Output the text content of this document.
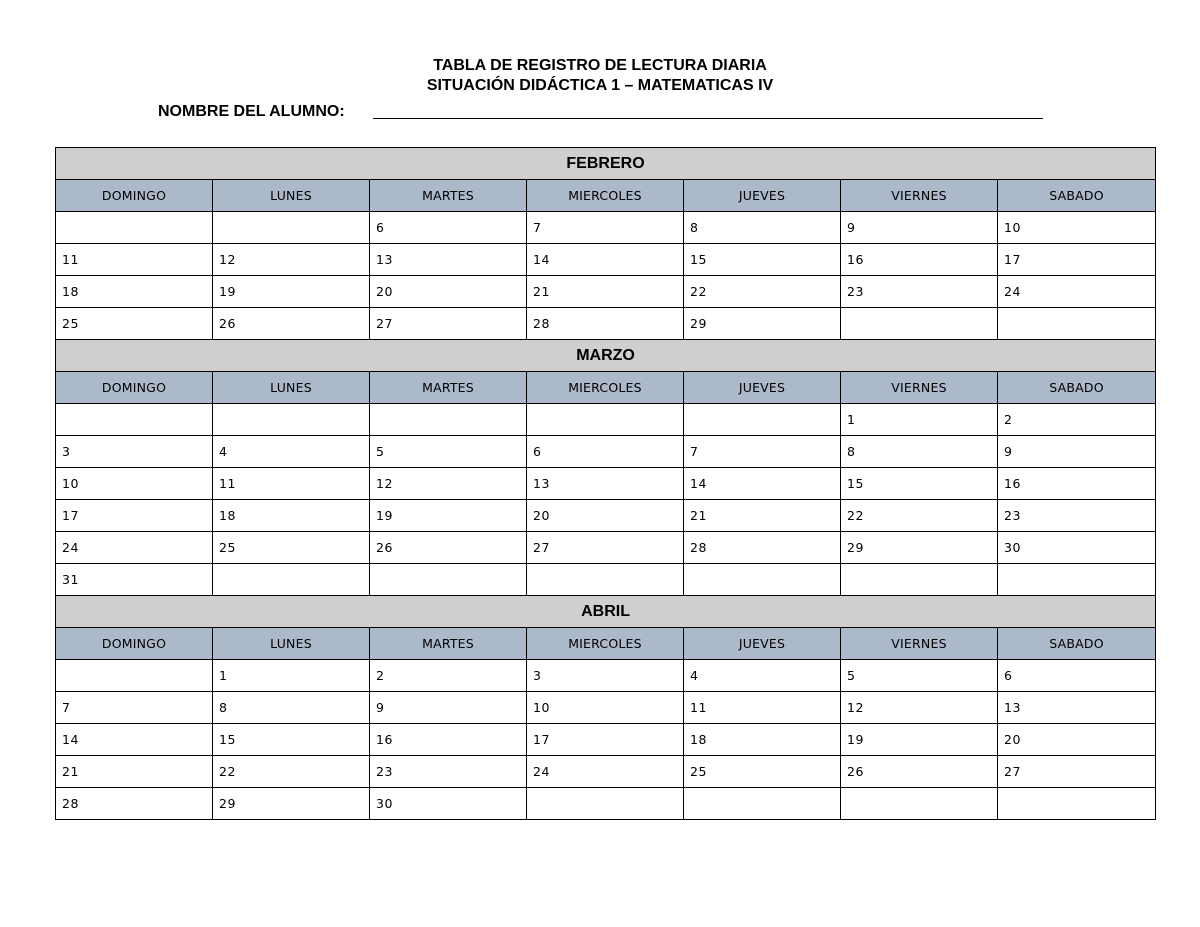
TABLA DE REGISTRO DE LECTURA DIARIA
SITUACIÓN DIDÁCTICA 1 – MATEMATICAS IV
NOMBRE DEL ALUMNO:
FEBRERO						
DOMINGO	LUNES	MARTES	MIERCOLES	JUEVES	VIERNES	SABADO
		6	7	8	9	10
11	12	13	14	15	16	17
18	19	20	21	22	23	24
25	26	27	28	29		
MARZO						
DOMINGO	LUNES	MARTES	MIERCOLES	JUEVES	VIERNES	SABADO
					1	2
3	4	5	6	7	8	9
10	11	12	13	14	15	16
17	18	19	20	21	22	23
24	25	26	27	28	29	30
31						
ABRIL						
DOMINGO	LUNES	MARTES	MIERCOLES	JUEVES	VIERNES	SABADO
	1	2	3	4	5	6
7	8	9	10	11	12	13
14	15	16	17	18	19	20
21	22	23	24	25	26	27
28	29	30				
